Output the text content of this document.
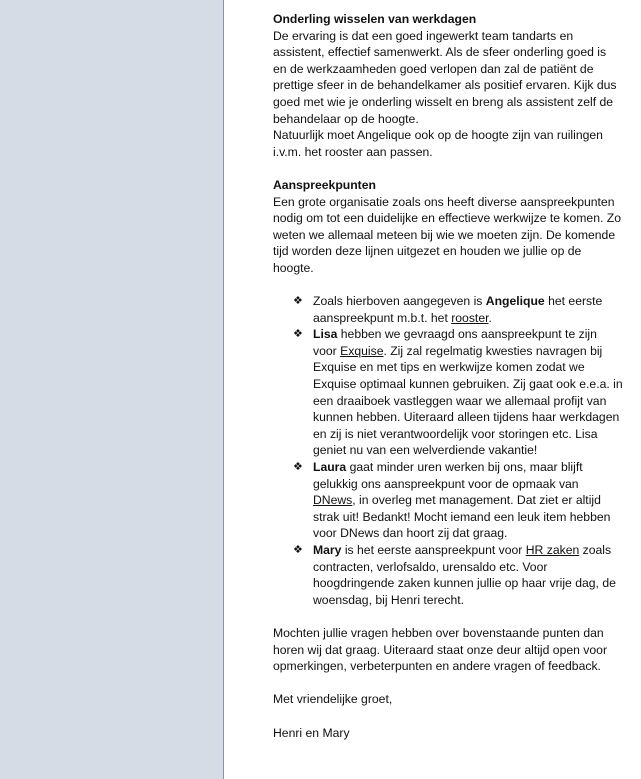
Onderling wisselen van werkdagen

De ervaring is dat een goed ingewerkt team tandarts en assistent, effectief samenwerkt. Als de sfeer onderling goed is en de werkzaamheden goed verlopen dan zal de patiënt de prettige sfeer in de behandelkamer als positief ervaren. Kijk dus goed met wie je onderling wisselt en breng als assistent zelf de behandelaar op de hoogte.

Natuurlijk moet Angelique ook op de hoogte zijn van ruilingen i.v.m. het rooster aan passen.

Aanspreekpunten

Een grote organisatie zoals ons heeft diverse aanspreekpunten nodig om tot een duidelijke en effectieve werkwijze te komen. Zo weten we allemaal meteen bij wie we moeten zijn. De komende tijd worden deze lijnen uitgezet en houden we jullie op de hoogte.

❖ Zoals hierboven aangegeven is Angelique het eerste aanspreekpunt m.b.t. het rooster.
❖ Lisa hebben we gevraagd ons aanspreekpunt te zijn voor Exquise. Zij zal regelmatig kwesties navragen bij Exquise en met tips en werkwijze komen zodat we Exquise optimaal kunnen gebruiken. Zij gaat ook e.e.a. in een draaiboek vastleggen waar we allemaal profijt van kunnen hebben. Uiteraard alleen tijdens haar werkdagen en zij is niet verantwoordelijk voor storingen etc. Lisa geniet nu van een welverdiende vakantie!
❖ Laura gaat minder uren werken bij ons, maar blijft gelukkig ons aanspreekpunt voor de opmaak van DNews, in overleg met management. Dat ziet er altijd strak uit! Bedankt! Mocht iemand een leuk item hebben voor DNews dan hoort zij dat graag.
❖ Mary is het eerste aanspreekpunt voor HR zaken zoals contracten, verlofsaldo, urensaldo etc. Voor hoogdringende zaken kunnen jullie op haar vrije dag, de woensdag, bij Henri terecht.

Mochten jullie vragen hebben over bovenstaande punten dan horen wij dat graag. Uiteraard staat onze deur altijd open voor opmerkingen, verbeterpunten en andere vragen of feedback.

Met vriendelijke groet,

Henri en Mary
